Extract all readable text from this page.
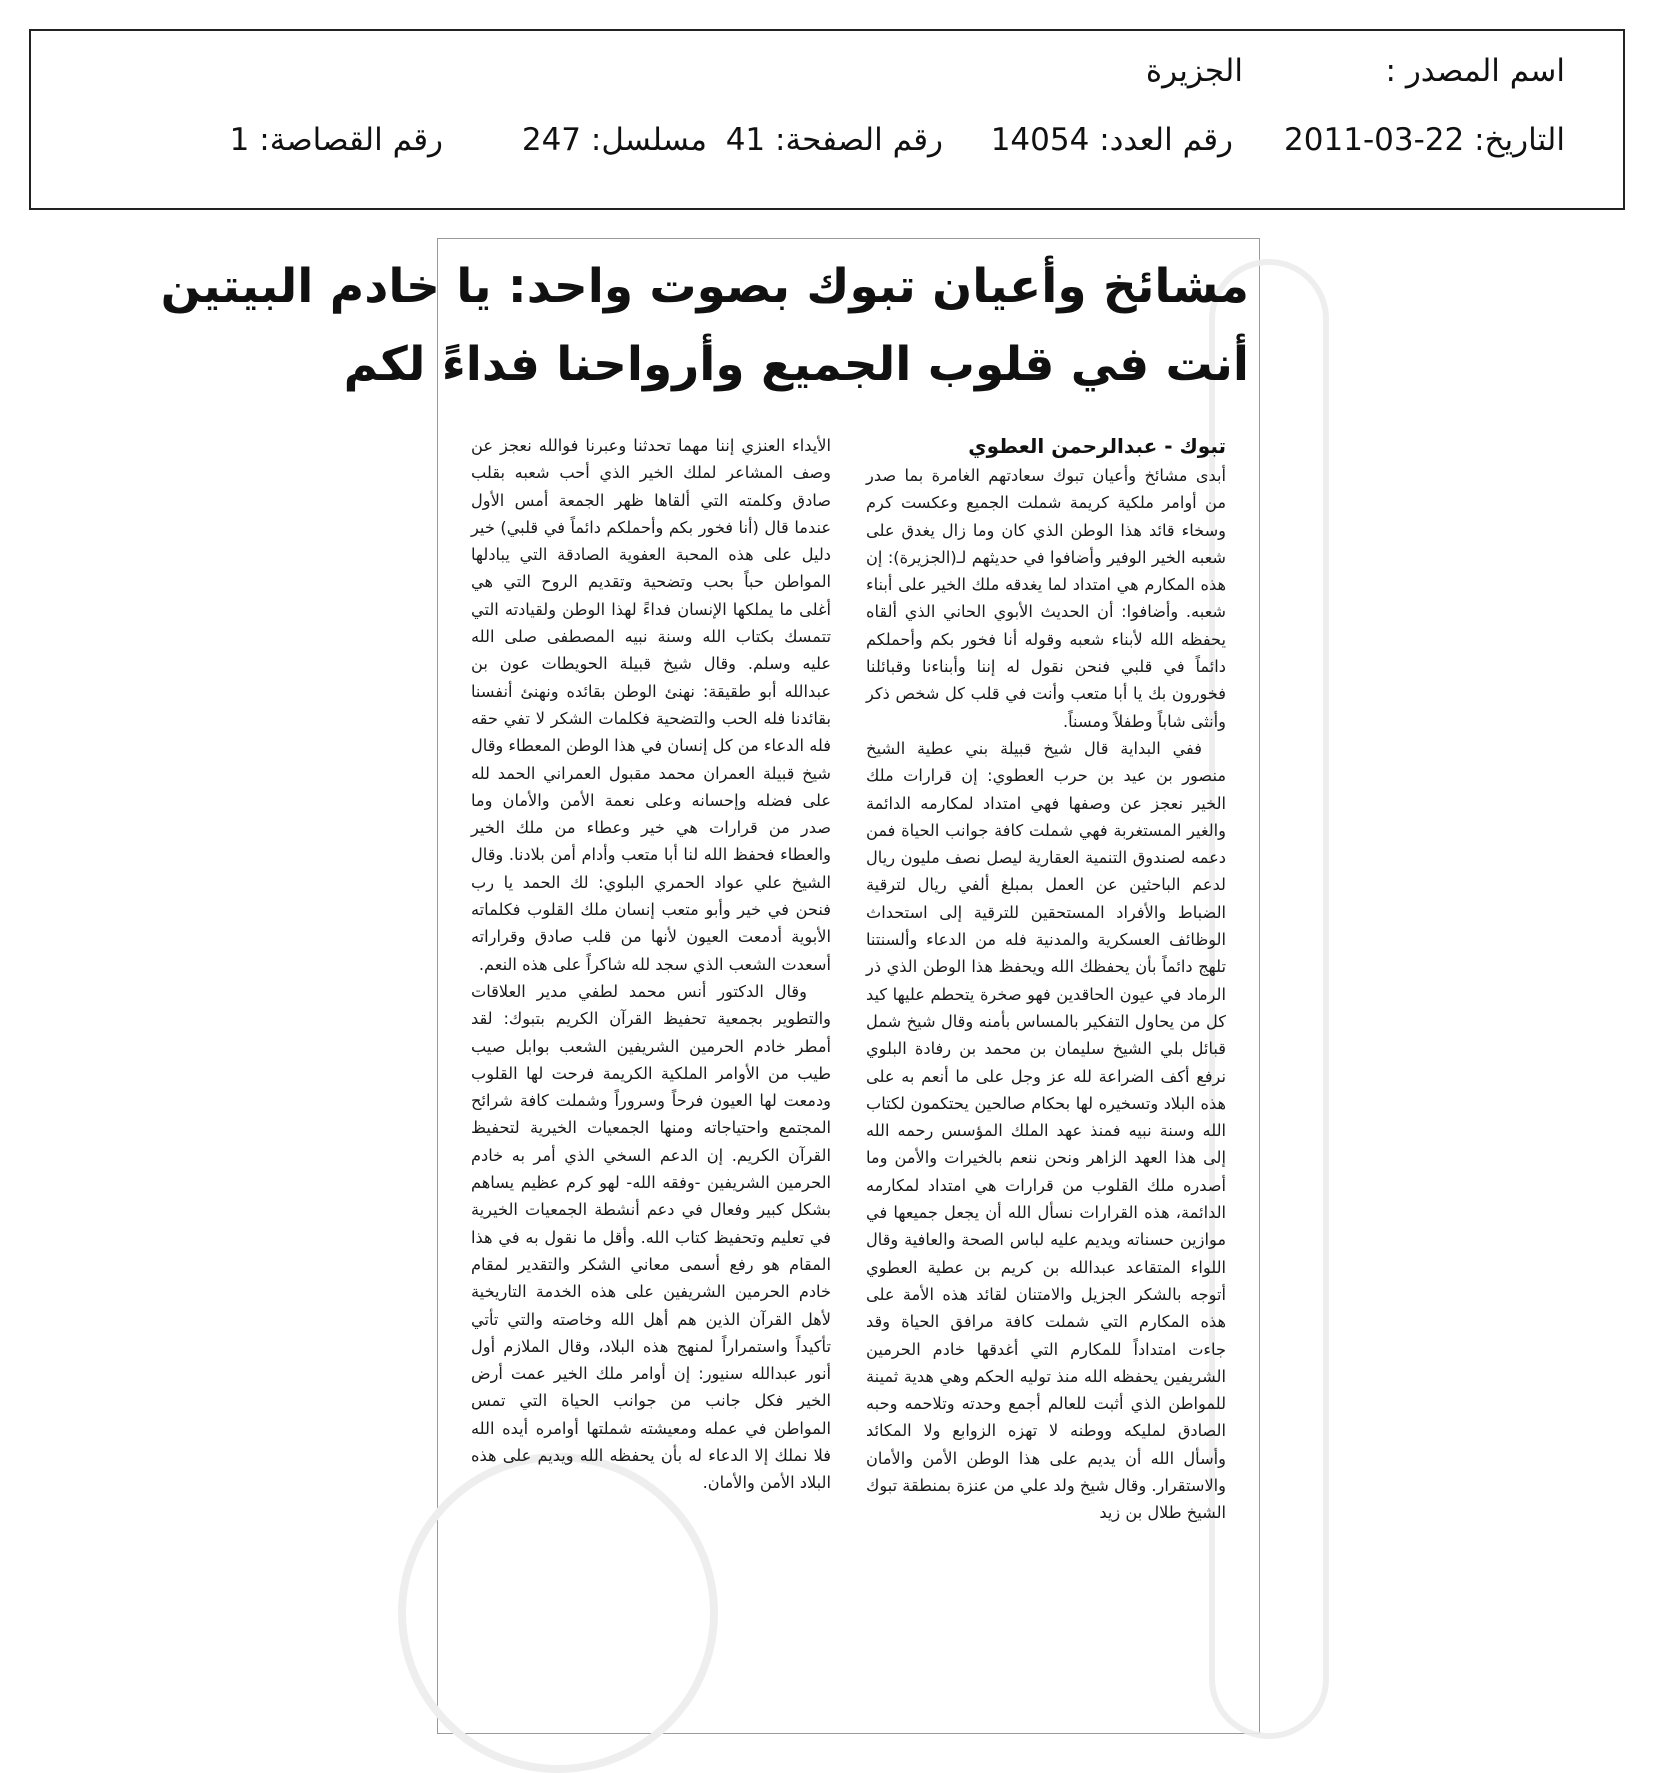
اسم المصدر :
الجزيرة
التاريخ: 2011-03-22
رقم العدد: 14054
رقم الصفحة: 41
مسلسل: 247
رقم القصاصة: 1
مشائخ وأعيان تبوك بصوت واحد: يا خادم البيتين
أنت في قلوب الجميع وأرواحنا فداءً لكم
تبوك - عبدالرحمن العطوي

أبدى مشائخ وأعيان تبوك سعادتهم الغامرة بما صدر من أوامر ملكية كريمة شملت الجميع وعكست كرم وسخاء قائد هذا الوطن الذي كان وما زال يغدق على شعبه الخير الوفير وأضافوا في حديثهم لـ(الجزيرة): إن هذه المكارم هي امتداد لما يغدقه ملك الخير على أبناء شعبه. وأضافوا: أن الحديث الأبوي الحاني الذي ألقاه يحفظه الله لأبناء شعبه وقوله أنا فخور بكم وأحملكم دائماً في قلبي فنحن نقول له إننا وأبناءنا وقبائلنا فخورون بك يا أبا متعب وأنت في قلب كل شخص ذكر وأنثى شاباً وطفلاً ومسناً.

ففي البداية قال شيخ قبيلة بني عطية الشيخ منصور بن عيد بن حرب العطوي: إن قرارات ملك الخير نعجز عن وصفها فهي امتداد لمكارمه الدائمة والغير المستغربة فهي شملت كافة جوانب الحياة فمن دعمه لصندوق التنمية العقارية ليصل نصف مليون ريال لدعم الباحثين عن العمل بمبلغ ألفي ريال لترقية الضباط والأفراد المستحقين للترقية إلى استحداث الوظائف العسكرية والمدنية فله من الدعاء وألسنتنا تلهج دائماً بأن يحفظك الله ويحفظ هذا الوطن الذي ذر الرماد في عيون الحاقدين فهو صخرة يتحطم عليها كيد كل من يحاول التفكير بالمساس بأمنه وقال شيخ شمل قبائل بلي الشيخ سليمان بن محمد بن رفادة البلوي نرفع أكف الضراعة لله عز وجل على ما أنعم به على هذه البلاد وتسخيره لها بحكام صالحين يحتكمون لكتاب الله وسنة نبيه فمنذ عهد الملك المؤسس رحمه الله إلى هذا العهد الزاهر ونحن ننعم بالخيرات والأمن وما أصدره ملك القلوب من قرارات هي امتداد لمكارمه الدائمة، هذه القرارات نسأل الله أن يجعل جميعها في موازين حسناته ويديم عليه لباس الصحة والعافية وقال اللواء المتقاعد عبدالله بن كريم بن عطية العطوي أتوجه بالشكر الجزيل والامتنان لقائد هذه الأمة على هذه المكارم التي شملت كافة مرافق الحياة وقد جاءت امتداداً للمكارم التي أغدقها خادم الحرمين الشريفين يحفظه الله منذ توليه الحكم وهي هدية ثمينة للمواطن الذي أثبت للعالم أجمع وحدته وتلاحمه وحبه الصادق لمليكه ووطنه لا تهزه الزوابع ولا المكائد وأسأل الله أن يديم على هذا الوطن الأمن والأمان والاستقرار. وقال شيخ ولد علي من عنزة بمنطقة تبوك الشيخ طلال بن زيد

الأيداء العنزي إننا مهما تحدثنا وعبرنا فوالله نعجز عن وصف المشاعر لملك الخير الذي أحب شعبه بقلب صادق وكلمته التي ألقاها ظهر الجمعة أمس الأول عندما قال (أنا فخور بكم وأحملكم دائماً في قلبي) خير دليل على هذه المحبة العفوية الصادقة التي يبادلها المواطن حباً بحب وتضحية وتقديم الروح التي هي أغلى ما يملكها الإنسان فداءً لهذا الوطن ولقيادته التي تتمسك بكتاب الله وسنة نبيه المصطفى صلى الله عليه وسلم. وقال شيخ قبيلة الحويطات عون بن عبدالله أبو طقيقة: نهنئ الوطن بقائده ونهنئ أنفسنا بقائدنا فله الحب والتضحية فكلمات الشكر لا تفي حقه فله الدعاء من كل إنسان في هذا الوطن المعطاء وقال شيخ قبيلة العمران محمد مقبول العمراني الحمد لله على فضله وإحسانه وعلى نعمة الأمن والأمان وما صدر من قرارات هي خير وعطاء من ملك الخير والعطاء فحفظ الله لنا أبا متعب وأدام أمن بلادنا. وقال الشيخ علي عواد الحمري البلوي: لك الحمد يا رب فنحن في خير وأبو متعب إنسان ملك القلوب فكلماته الأبوية أدمعت العيون لأنها من قلب صادق وقراراته أسعدت الشعب الذي سجد لله شاكراً على هذه النعم.

وقال الدكتور أنس محمد لطفي مدير العلاقات والتطوير بجمعية تحفيظ القرآن الكريم بتبوك: لقد أمطر خادم الحرمين الشريفين الشعب بوابل صيب طيب من الأوامر الملكية الكريمة فرحت لها القلوب ودمعت لها العيون فرحاً وسروراً وشملت كافة شرائح المجتمع واحتياجاته ومنها الجمعيات الخيرية لتحفيظ القرآن الكريم. إن الدعم السخي الذي أمر به خادم الحرمين الشريفين -وفقه الله- لهو كرم عظيم يساهم بشكل كبير وفعال في دعم أنشطة الجمعيات الخيرية في تعليم وتحفيظ كتاب الله. وأقل ما نقول به في هذا المقام هو رفع أسمى معاني الشكر والتقدير لمقام خادم الحرمين الشريفين على هذه الخدمة التاريخية لأهل القرآن الذين هم أهل الله وخاصته والتي تأتي تأكيداً واستمراراً لمنهج هذه البلاد، وقال الملازم أول أنور عبدالله سنيور: إن أوامر ملك الخير عمت أرض الخير فكل جانب من جوانب الحياة التي تمس المواطن في عمله ومعيشته شملتها أوامره أيده الله فلا نملك إلا الدعاء له بأن يحفظه الله ويديم على هذه البلاد الأمن والأمان.
